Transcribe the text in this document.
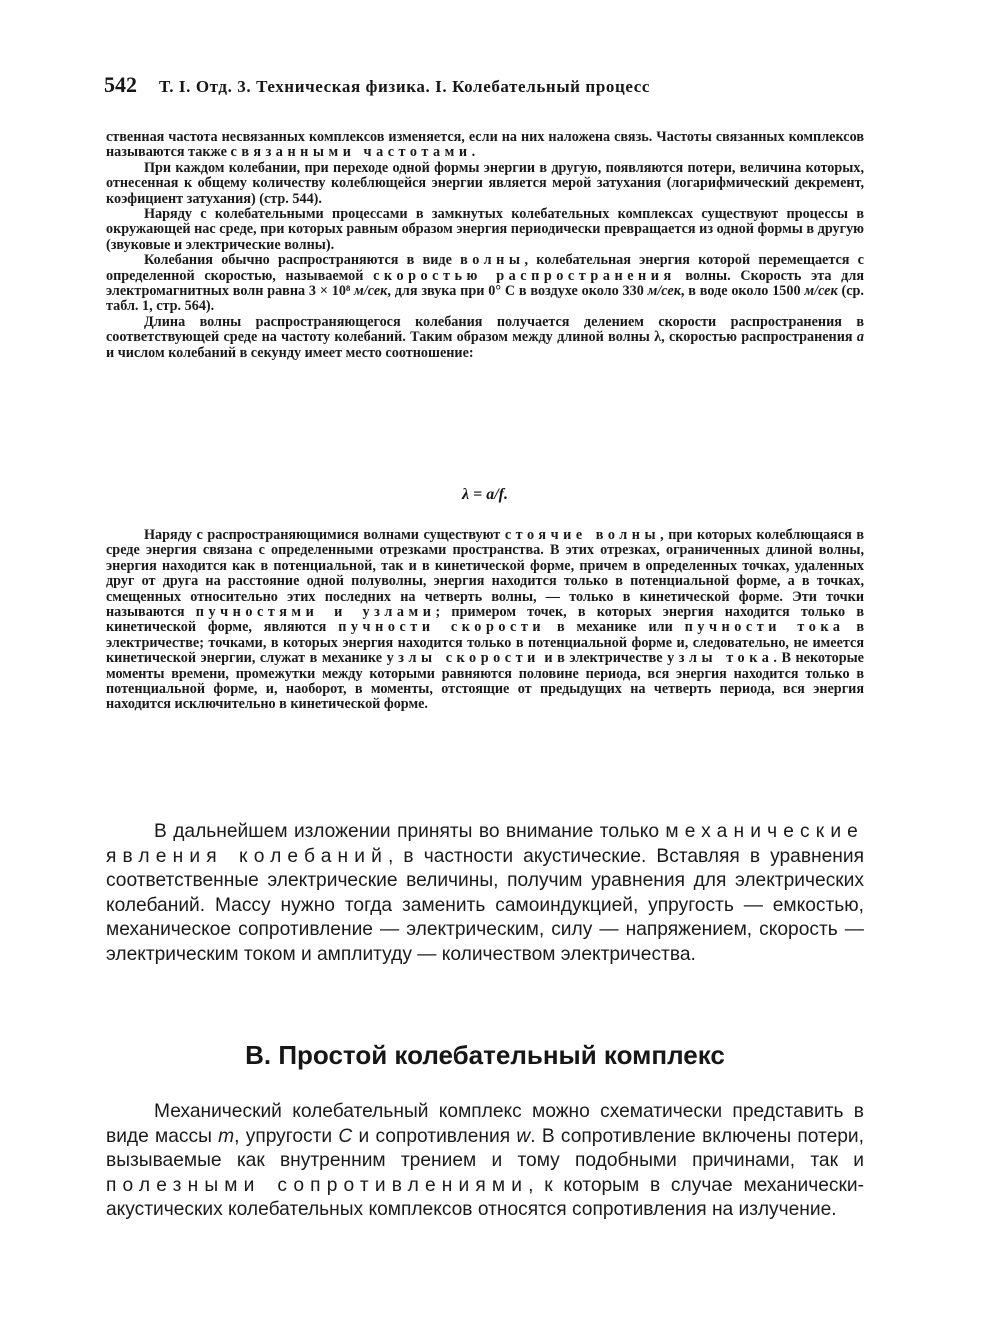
542 Т. I. Отд. 3. Техническая физика. I. Колебательный процесс

ственная частота несвязанных комплексов изменяется, если на них наложена связь. Частоты связанных комплексов называются также связанными частотами.

При каждом колебании, при переходе одной формы энергии в другую, появляются потери, величина которых, отнесенная к общему количеству колеблющейся энергии является мерой затухания (логарифмический декремент, коэфициент затухания) (стр. 544).

Наряду с колебательными процессами в замкнутых колебательных комплексах существуют процессы в окружающей нас среде, при которых равным образом энергия периодически превращается из одной формы в другую (звуковые и электрические волны).

Колебания обычно распространяются в виде волны, колебательная энергия которой перемещается с определенной скоростью, называемой скоростью распространения волны. Скорость эта для электромагнитных волн равна 3 × 10⁸ м/сек, для звука при 0° С в воздухе около 330 м/сек, в воде около 1500 м/сек (ср. табл. 1, стр. 564).

Длина волны распространяющегося колебания получается делением скорости распространения в соответствующей среде на частоту колебаний. Таким образом между длиной волны λ, скоростью распространения a и числом колебаний в секунду имеет место соотношение:

λ = a/f.

Наряду с распространяющимися волнами существуют стоячие волны, при которых колеблющаяся в среде энергия связана с определенными отрезками пространства. В этих отрезках, ограниченных длиной волны, энергия находится как в потенциальной, так и в кинетической форме, причем в определенных точках, удаленных друг от друга на расстояние одной полуволны, энергия находится только в потенциальной форме, а в точках, смещенных относительно этих последних на четверть волны, — только в кинетической форме. Эти точки называются пучностями и узлами; примером точек, в которых энергия находится только в кинетической форме, являются пучности скорости в механике или пучности тока в электричестве; точками, в которых энергия находится только в потенциальной форме и, следовательно, не имеется кинетической энергии, служат в механике узлы скорости и в электричестве узлы тока. В некоторые моменты времени, промежутки между которыми равняются половине периода, вся энергия находится только в потенциальной форме, и, наоборот, в моменты, отстоящие от предыдущих на четверть периода, вся энергия находится исключительно в кинетической форме.

В дальнейшем изложении приняты во внимание только механические явления колебаний, в частности акустические. Вставляя в уравнения соответственные электрические величины, получим уравнения для электрических колебаний. Массу нужно тогда заменить самоиндукцией, упругость — емкостью, механическое сопротивление — электрическим, силу — напряжением, скорость — электрическим током и амплитуду — количеством электричества.

B. Простой колебательный комплекс

Механический колебательный комплекс можно схематически представить в виде массы m, упругости C и сопротивления w. В сопротивление включены потери, вызываемые как внутренним трением и тому подобными причинами, так и полезными сопротивлениями, к которым в случае механически-акустических колебательных комплексов относятся сопротивления на излучение.
